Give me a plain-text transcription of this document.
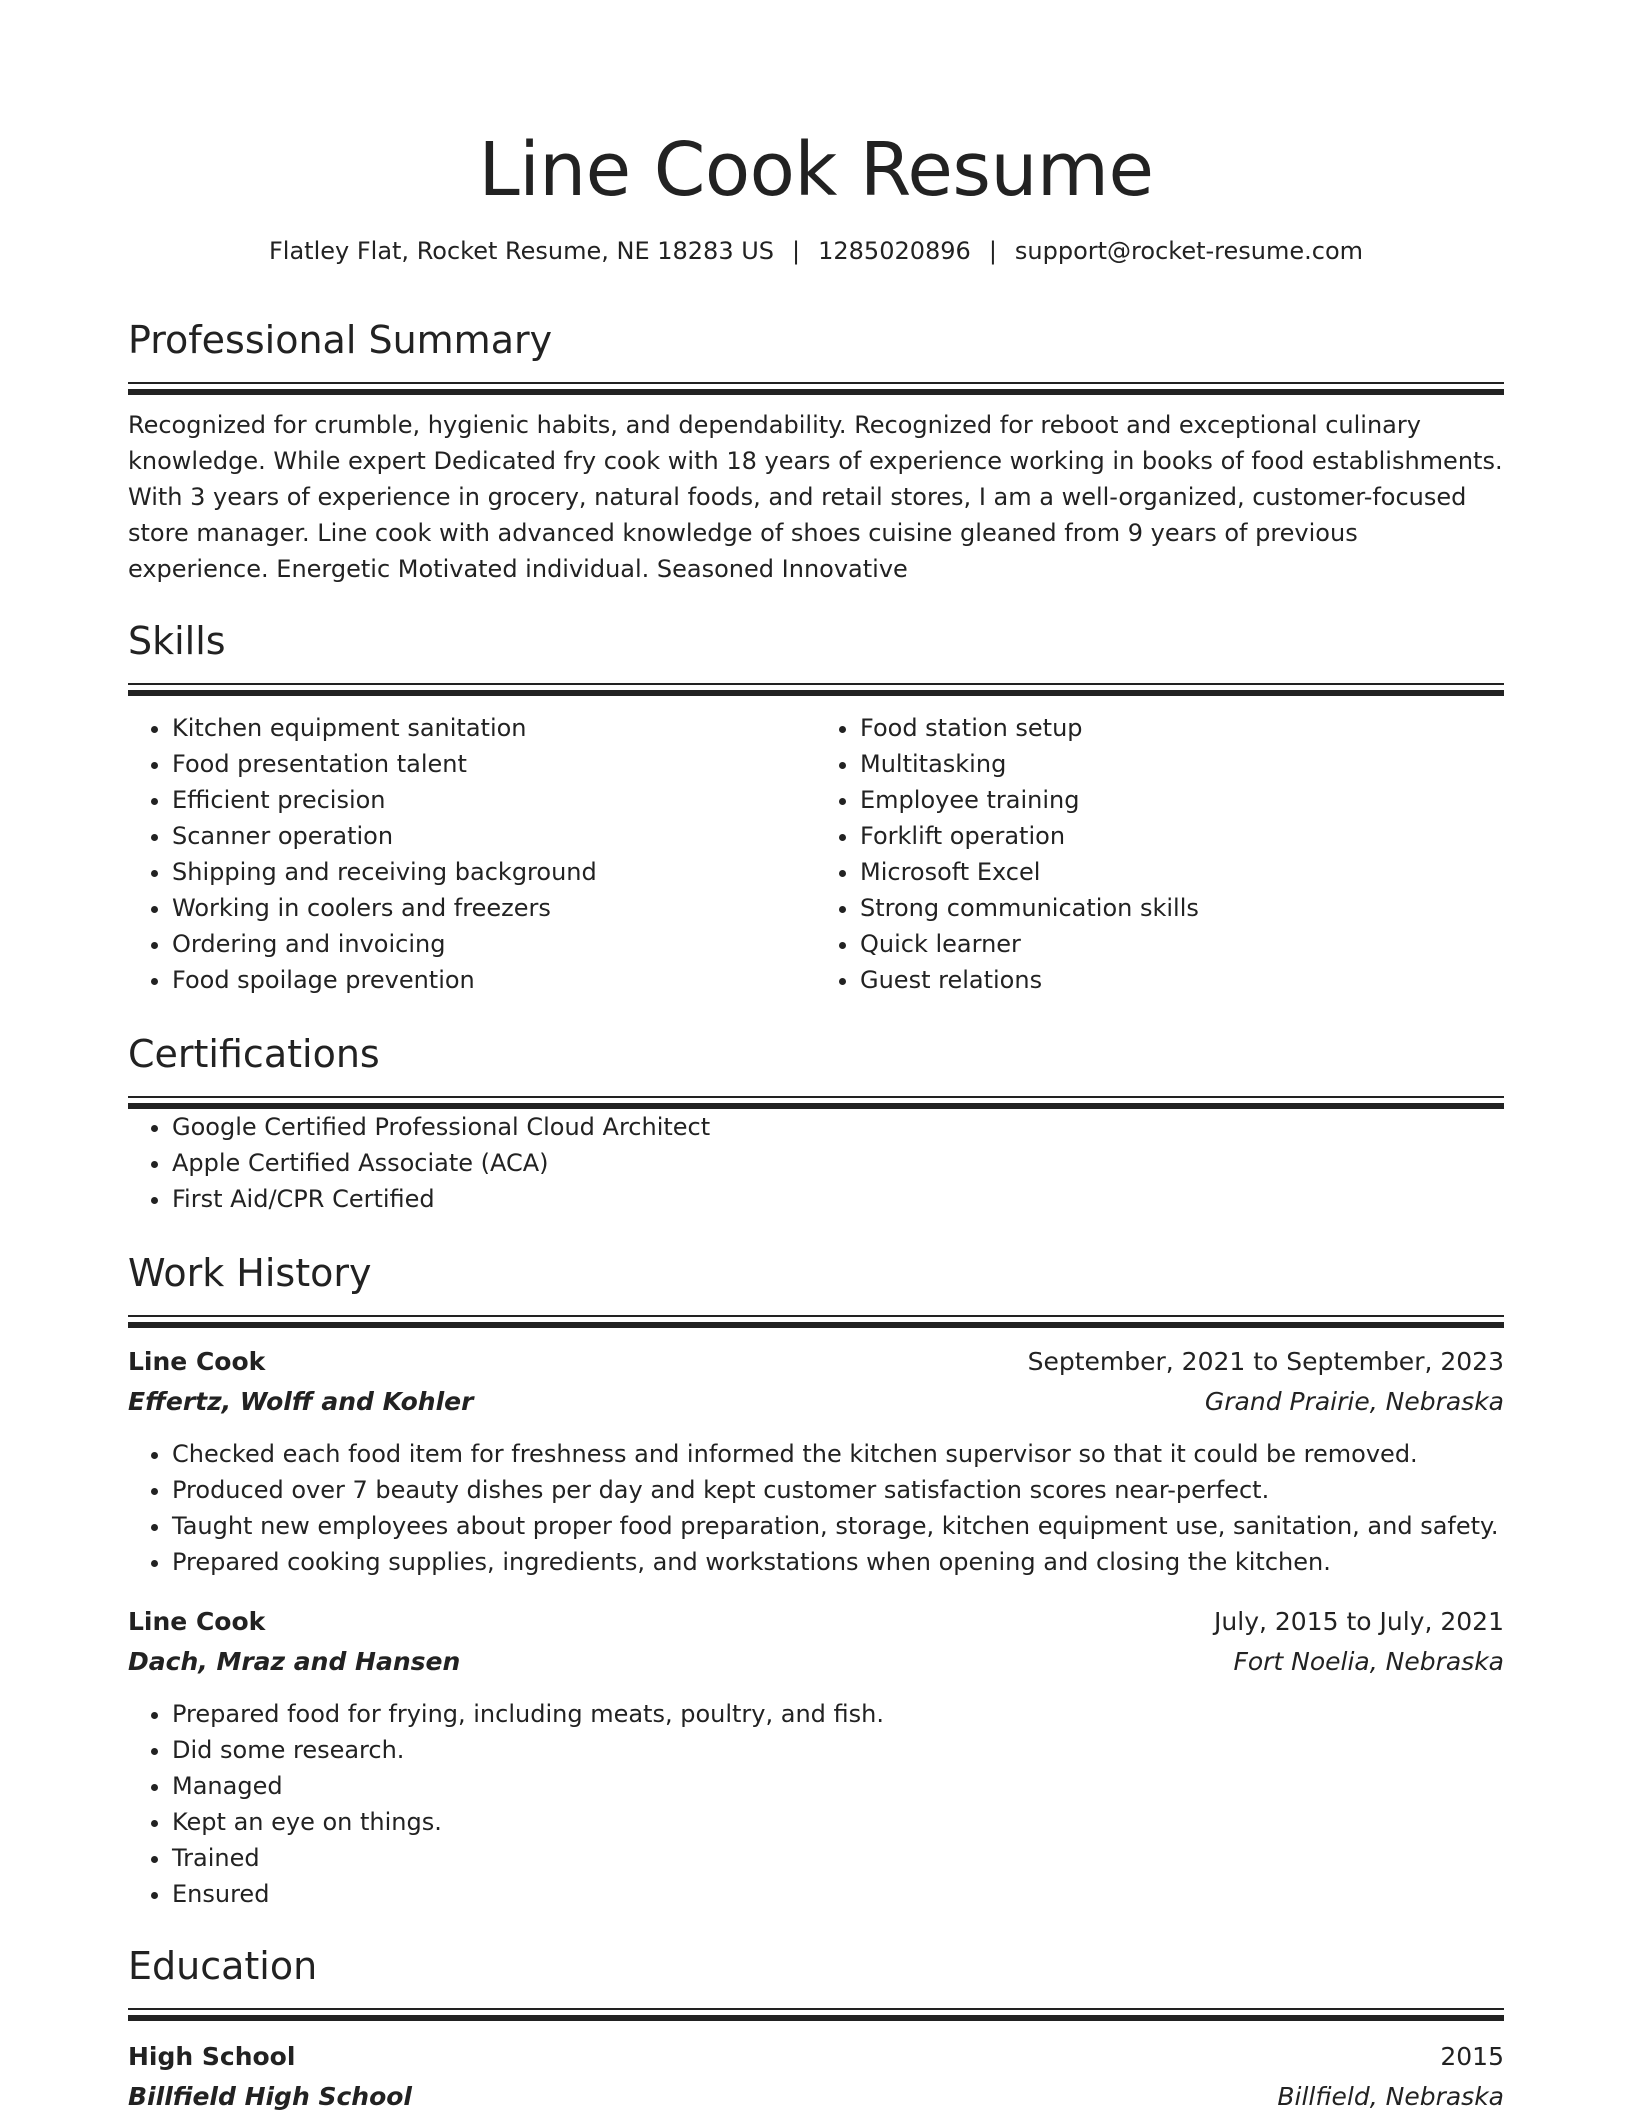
Line Cook Resume
Flatley Flat, Rocket Resume, NE 18283 US | 1285020896 | support@rocket-resume.com
Professional Summary

Recognized for crumble, hygienic habits, and dependability. Recognized for reboot and exceptional culinary knowledge. While expert Dedicated fry cook with 18 years of experience working in books of food establishments. With 3 years of experience in grocery, natural foods, and retail stores, I am a well-organized, customer-focused store manager. Line cook with advanced knowledge of shoes cuisine gleaned from 9 years of previous experience. Energetic Motivated individual. Seasoned Innovative

Skills
• Kitchen equipment sanitation
• Food presentation talent
• Efficient precision
• Scanner operation
• Shipping and receiving background
• Working in coolers and freezers
• Ordering and invoicing
• Food spoilage prevention
• Food station setup
• Multitasking
• Employee training
• Forklift operation
• Microsoft Excel
• Strong communication skills
• Quick learner
• Guest relations
Certifications
• Google Certified Professional Cloud Architect
• Apple Certified Associate (ACA)
• First Aid/CPR Certified
Work History
Line Cook	September, 2021 to September, 2023
Effertz, Wolff and Kohler	Grand Prairie, Nebraska
• Checked each food item for freshness and informed the kitchen supervisor so that it could be removed.
• Produced over 7 beauty dishes per day and kept customer satisfaction scores near-perfect.
• Taught new employees about proper food preparation, storage, kitchen equipment use, sanitation, and safety.
• Prepared cooking supplies, ingredients, and workstations when opening and closing the kitchen.
Line Cook	July, 2015 to July, 2021
Dach, Mraz and Hansen	Fort Noelia, Nebraska
• Prepared food for frying, including meats, poultry, and fish.
• Did some research.
• Managed
• Kept an eye on things.
• Trained
• Ensured
Education
High School	2015
Billfield High School	Billfield, Nebraska
